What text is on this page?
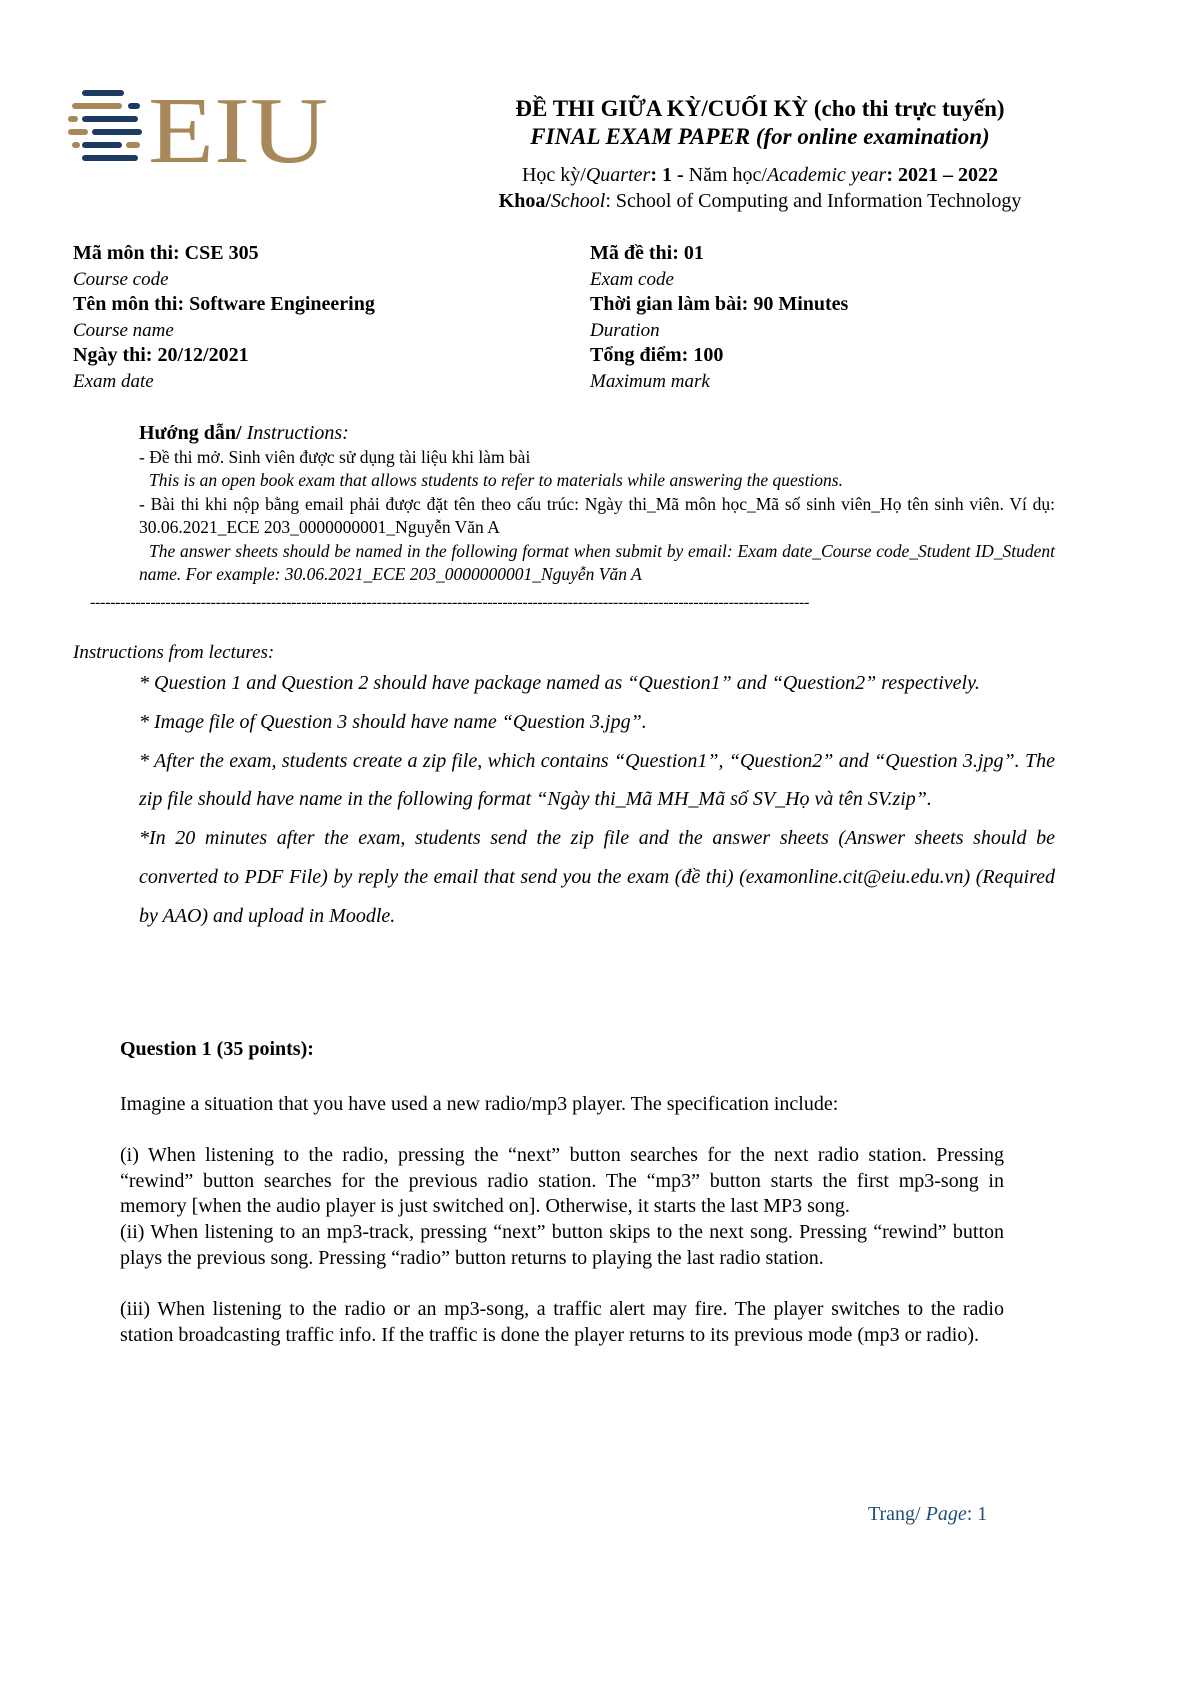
EIU	ĐỀ THI GIỮA KỲ/CUỐI KỲ (cho thi trực tuyến)
FINAL EXAM PAPER (for online examination)
Học kỳ/Quarter: 1 - Năm học/Academic year: 2021 – 2022
Khoa/School: School of Computing and Information Technology
Mã môn thi: CSE 305
Course code
Tên môn thi: Software Engineering
Course name
Ngày thi: 20/12/2021
Exam date
Mã đề thi: 01
Exam code
Thời gian làm bài: 90 Minutes
Duration
Tổng điểm: 100
Maximum mark
Hướng dẫn/ Instructions:
- Đề thi mở. Sinh viên được sử dụng tài liệu khi làm bài
This is an open book exam that allows students to refer to materials while answering the questions.
- Bài thi khi nộp bằng email phải được đặt tên theo cấu trúc: Ngày thi_Mã môn học_Mã số sinh viên_Họ tên sinh viên. Ví dụ: 30.06.2021_ECE 203_0000000001_Nguyễn Văn A
The answer sheets should be named in the following format when submit by email: Exam date_Course code_Student ID_Student name. For example: 30.06.2021_ECE 203_0000000001_Nguyễn Văn A
-----------------------------------------------------------------------------------------------------------------------------------------------
Instructions from lectures:

* Question 1 and Question 2 should have package named as “Question1” and “Question2” respectively.

* Image file of Question 3 should have name “Question 3.jpg”.

* After the exam, students create a zip file, which contains “Question1”, “Question2” and “Question 3.jpg”. The zip file should have name in the following format “Ngày thi_Mã MH_Mã số SV_Họ và tên SV.zip”.

*In 20 minutes after the exam, students send the zip file and the answer sheets (Answer sheets should be converted to PDF File) by reply the email that send you the exam (đề thi) (examonline.cit@eiu.edu.vn) (Required by AAO) and upload in Moodle.

Question 1 (35 points):

Imagine a situation that you have used a new radio/mp3 player. The specification include:

(i) When listening to the radio, pressing the “next” button searches for the next radio station. Pressing “rewind” button searches for the previous radio station. The “mp3” button starts the first mp3-song in memory [when the audio player is just switched on]. Otherwise, it starts the last MP3 song.

(ii) When listening to an mp3-track, pressing “next” button skips to the next song. Pressing “rewind” button plays the previous song. Pressing “radio” button returns to playing the last radio station.

(iii) When listening to the radio or an mp3-song, a traffic alert may fire. The player switches to the radio station broadcasting traffic info. If the traffic is done the player returns to its previous mode (mp3 or radio).

Trang/ Page: 1
